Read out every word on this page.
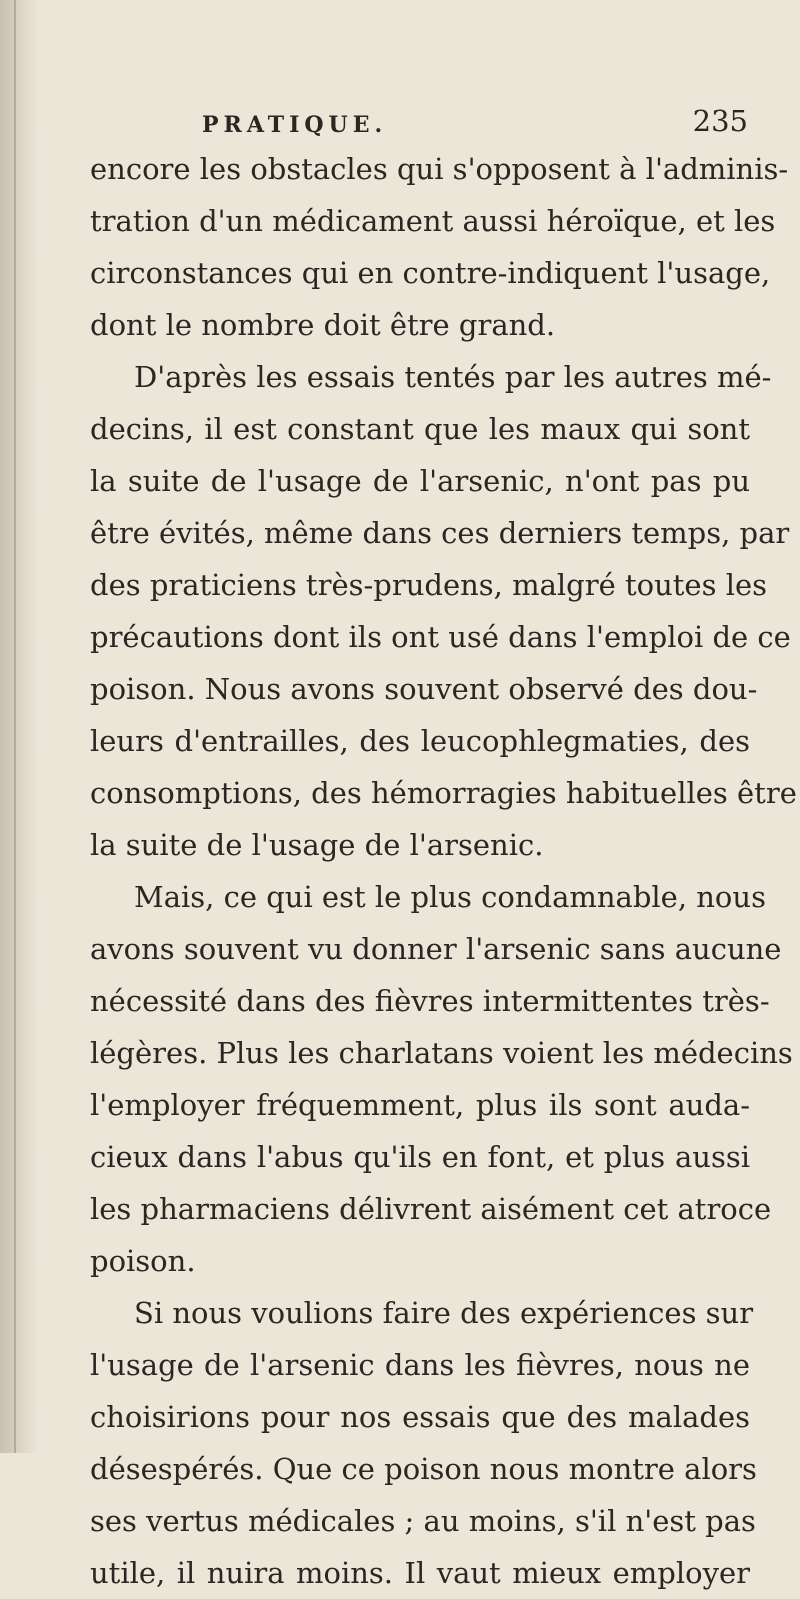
PRATIQUE.	235
encore les obstacles qui s'opposent à l'adminis-
tration d'un médicament aussi héroïque, et les
circonstances qui en contre-indiquent l'usage,
dont le nombre doit être grand.
D'après les essais tentés par les autres mé-
decins, il est constant que les maux qui sont
la suite de l'usage de l'arsenic, n'ont pas pu
être évités, même dans ces derniers temps, par
des praticiens très-prudens, malgré toutes les
précautions dont ils ont usé dans l'emploi de ce
poison. Nous avons souvent observé des dou-
leurs d'entrailles, des leucophlegmaties, des
consomptions, des hémorragies habituelles être
la suite de l'usage de l'arsenic.
Mais, ce qui est le plus condamnable, nous
avons souvent vu donner l'arsenic sans aucune
nécessité dans des fièvres intermittentes très-
légères. Plus les charlatans voient les médecins
l'employer fréquemment, plus ils sont auda-
cieux dans l'abus qu'ils en font, et plus aussi
les pharmaciens délivrent aisément cet atroce
poison.
Si nous voulions faire des expériences sur
l'usage de l'arsenic dans les fièvres, nous ne
choisirions pour nos essais que des malades
désespérés. Que ce poison nous montre alors
ses vertus médicales ; au moins, s'il n'est pas
utile, il nuira moins. Il vaut mieux employer
